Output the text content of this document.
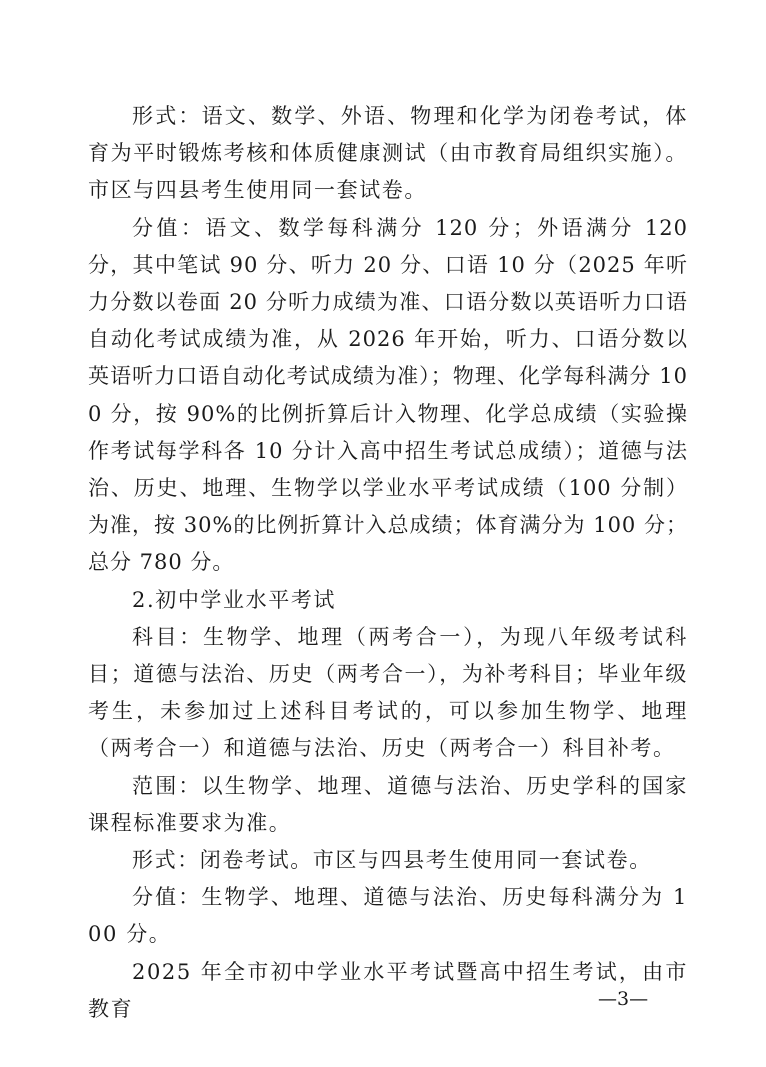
形式：语文、数学、外语、物理和化学为闭卷考试，体育为平时锻炼考核和体质健康测试（由市教育局组织实施）。市区与四县考生使用同一套试卷。

分值：语文、数学每科满分 120 分；外语满分 120 分，其中笔试 90 分、听力 20 分、口语 10 分（2025 年听力分数以卷面 20 分听力成绩为准、口语分数以英语听力口语自动化考试成绩为准，从 2026 年开始，听力、口语分数以英语听力口语自动化考试成绩为准）；物理、化学每科满分 100 分，按 90%的比例折算后计入物理、化学总成绩（实验操作考试每学科各 10 分计入高中招生考试总成绩）；道德与法治、历史、地理、生物学以学业水平考试成绩（100 分制）为准，按 30%的比例折算计入总成绩；体育满分为 100 分；总分 780 分。

2.初中学业水平考试

科目：生物学、地理（两考合一），为现八年级考试科目；道德与法治、历史（两考合一），为补考科目；毕业年级考生，未参加过上述科目考试的，可以参加生物学、地理（两考合一）和道德与法治、历史（两考合一）科目补考。

范围：以生物学、地理、道德与法治、历史学科的国家课程标准要求为准。

形式：闭卷考试。市区与四县考生使用同一套试卷。

分值：生物学、地理、道德与法治、历史每科满分为 100 分。

2025 年全市初中学业水平考试暨高中招生考试，由市教育	—3—
